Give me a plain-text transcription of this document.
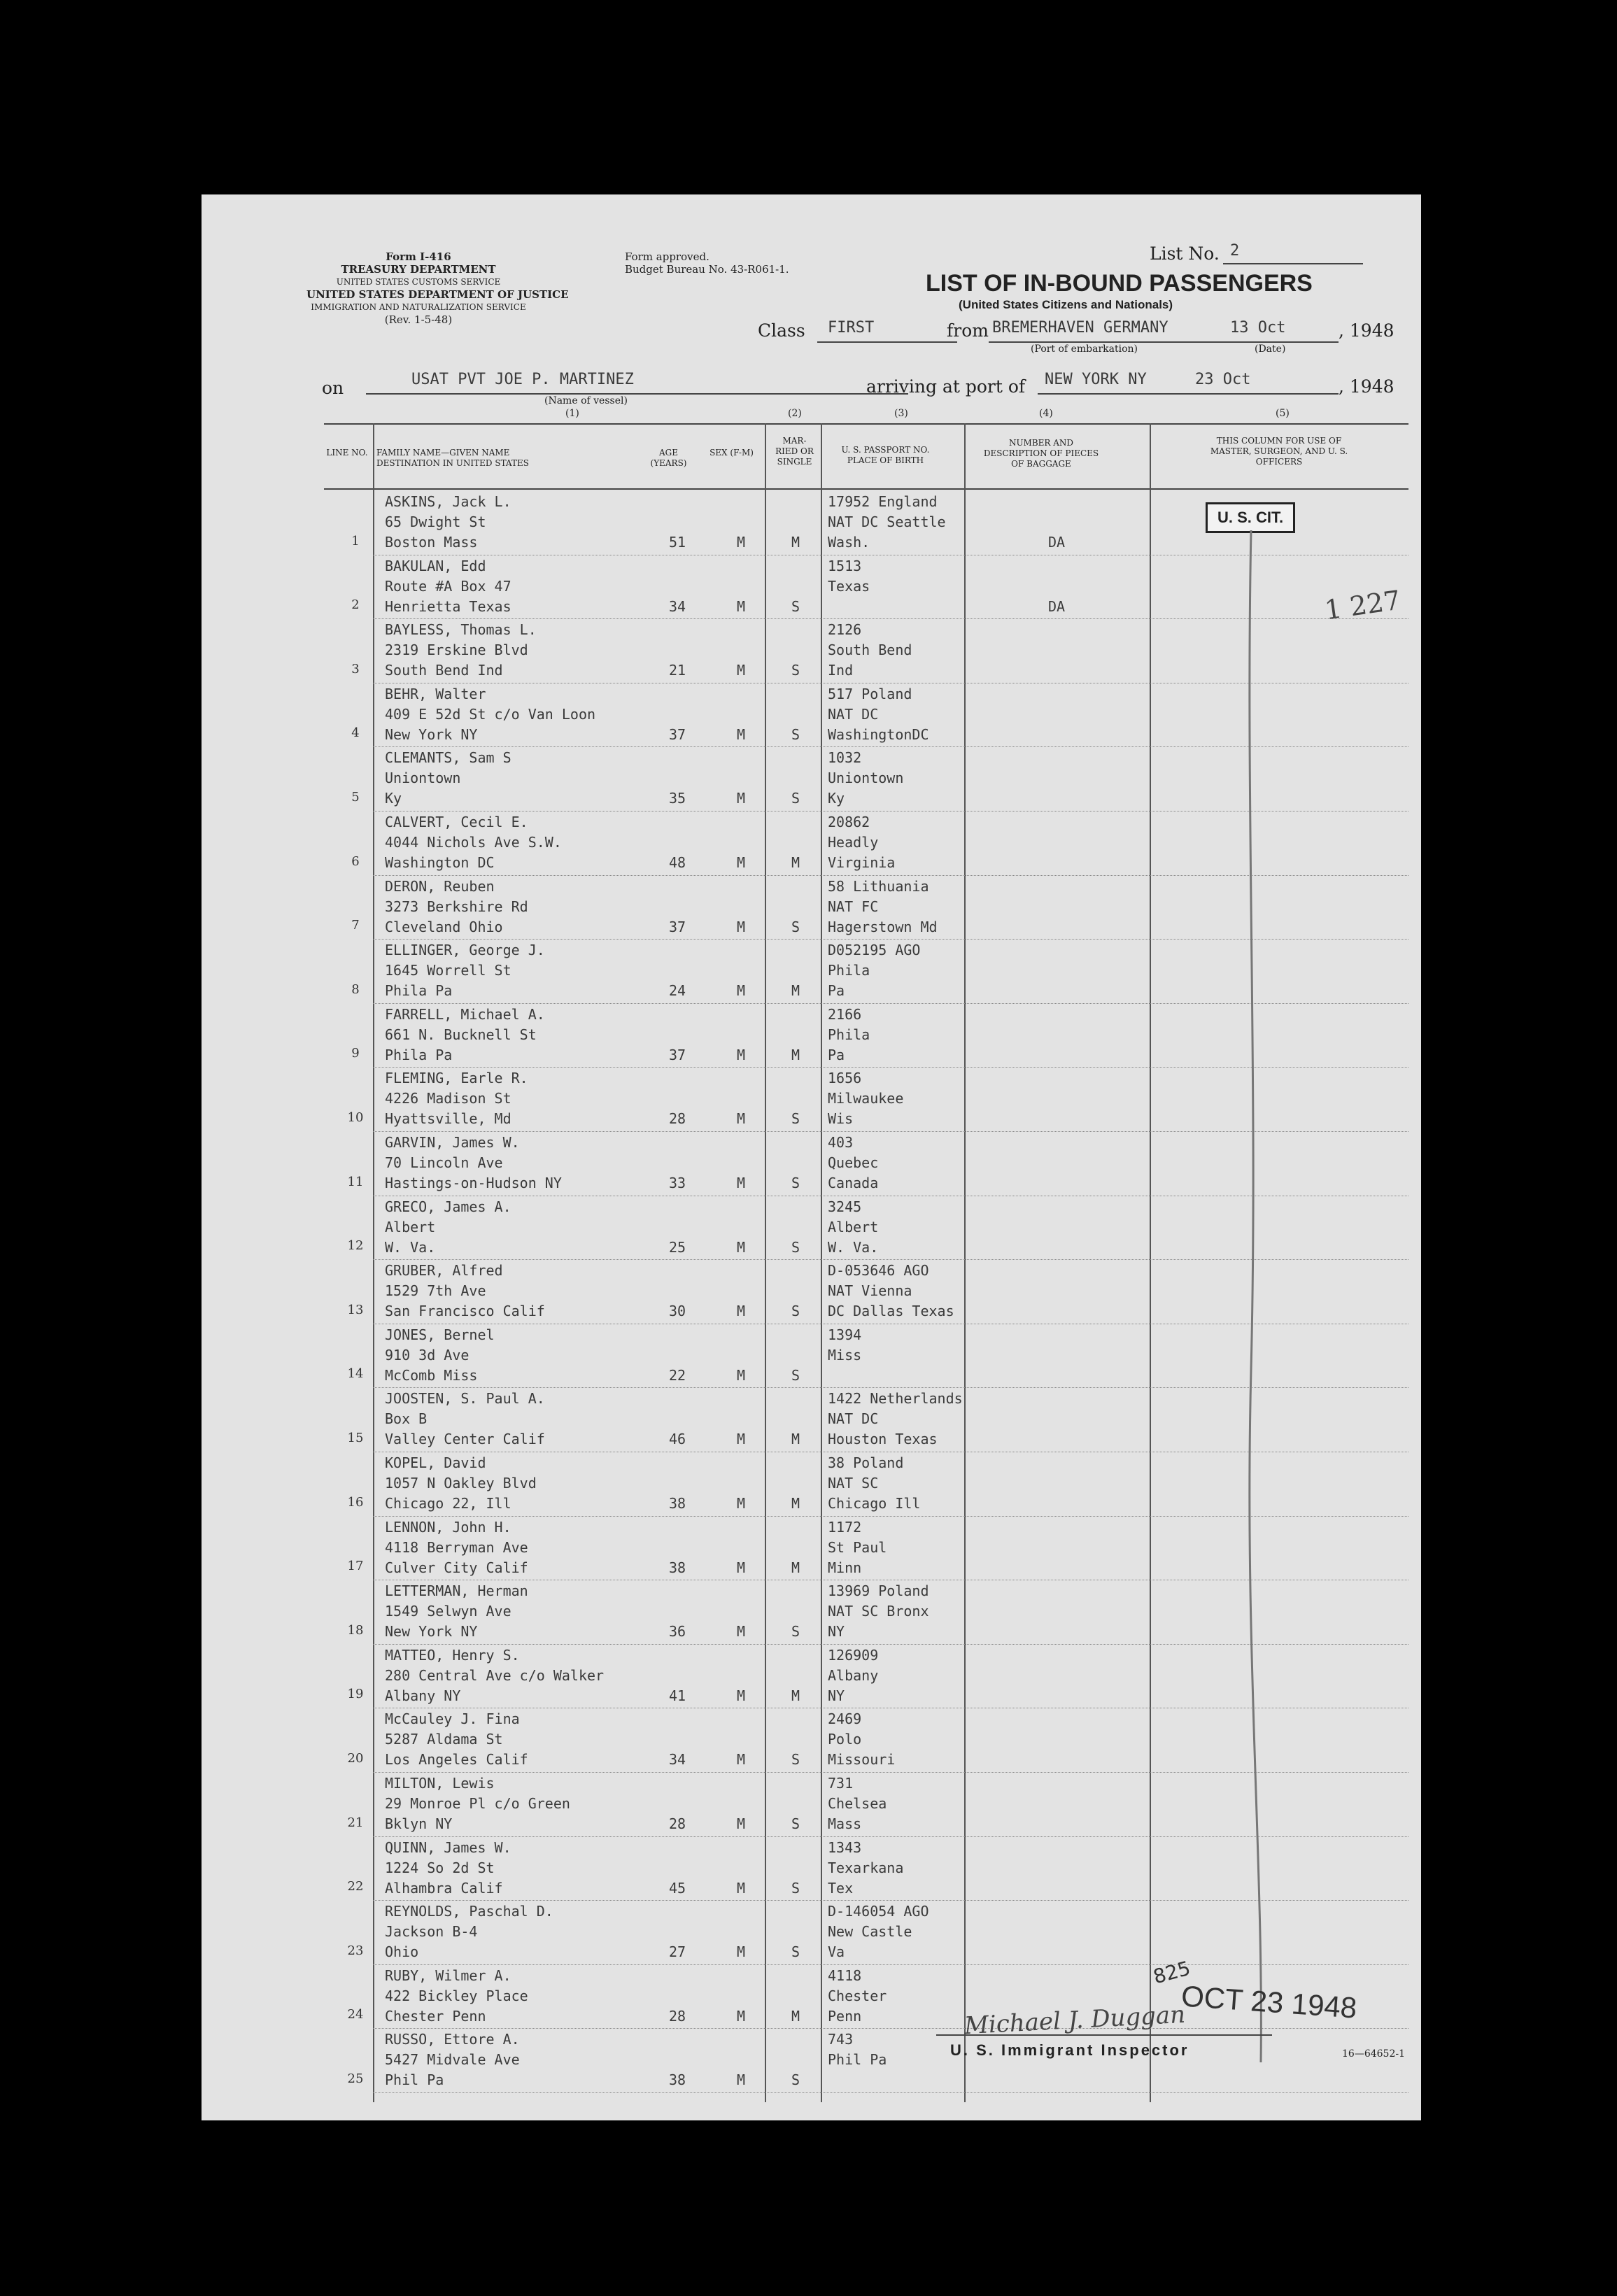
Form I-416
TREASURY DEPARTMENT
UNITED STATES CUSTOMS SERVICE
UNITED STATES DEPARTMENT OF JUSTICE
IMMIGRATION AND NATURALIZATION SERVICE
(Rev. 1-5-48)
Form approved.
Budget Bureau No. 43-R061-1.
List No. 2
LIST OF IN-BOUND PASSENGERS
(United States Citizens and Nationals)
Class FIRST	from BREMERHAVEN GERMANY	13 Oct	, 1948
(Port of embarkation)	(Date)
on	USAT PVT JOE P. MARTINEZ
(Name of vessel)
(1)
arriving at port of NEW YORK NY	23 Oct	, 1948
(2)	(3)	(4)	(5)
LINE NO. FAMILY NAME—GIVEN NAME DESTINATION IN UNITED STATES
AGE (YEARS)
SEX (F-M)
MAR-RIED OR SINGLE
U. S. PASSPORT NO. PLACE OF BIRTH
NUMBER AND DESCRIPTION OF PIECES OF BAGGAGE
THIS COLUMN FOR USE OF MASTER, SURGEON, AND U. S. OFFICERS
1
ASKINS, Jack L.
65 Dwight St
Boston Mass	51	M	M
17952 England
NAT DC Seattle
Wash.	DA
2
BAKULAN, Edd
Route #A Box 47
Henrietta Texas	34	M	S
1513
Texas
DA
3
BAYLESS, Thomas L.
2319 Erskine Blvd
South Bend Ind	21	M	S
2126
South Bend
Ind
4
BEHR, Walter
409 E 52d St c/o Van Loon
New York NY	37	M	S
517 Poland
NAT DC
WashingtonDC
5
CLEMANTS, Sam S
Uniontown
Ky	35	M	S
1032
Uniontown
Ky
6
CALVERT, Cecil E.
4044 Nichols Ave S.W.
Washington DC	48	M	M
20862
Headly
Virginia
7
DERON, Reuben
3273 Berkshire Rd
Cleveland Ohio	37	M	S
58 Lithuania
NAT FC
Hagerstown Md
8
ELLINGER, George J.
1645 Worrell St
Phila Pa	24	M	M
D052195 AGO
Phila
Pa
9
FARRELL, Michael A.
661 N. Bucknell St
Phila Pa	37	M	M
2166
Phila
Pa
10
FLEMING, Earle R.
4226 Madison St
Hyattsville, Md	28	M	S
1656
Milwaukee
Wis
11
GARVIN, James W.
70 Lincoln Ave
Hastings-on-Hudson NY	33	M	S
403
Quebec
Canada
12
GRECO, James A.
Albert
W. Va.	25	M	S
3245
Albert
W. Va.
13
GRUBER, Alfred
1529 7th Ave
San Francisco Calif	30	M	S
D-053646 AGO
NAT Vienna
DC Dallas Texas
14
JONES, Bernel
910 3d Ave
McComb Miss	22	M	S
1394
Miss
15
JOOSTEN, S. Paul A.
Box B
Valley Center Calif	46	M	M
1422 Netherlands
NAT DC
Houston Texas
16
KOPEL, David
1057 N Oakley Blvd
Chicago 22, Ill	38	M	M
38 Poland
NAT SC
Chicago Ill
17
LENNON, John H.
4118 Berryman Ave
Culver City Calif	38	M	M
1172
St Paul
Minn
18
LETTERMAN, Herman
1549 Selwyn Ave
New York NY	36	M	S
13969 Poland
NAT SC Bronx
NY
19
MATTEO, Henry S.
280 Central Ave c/o Walker
Albany NY	41	M	M
126909
Albany
NY
20
McCauley J. Fina
5287 Aldama St
Los Angeles Calif	34	M	S
2469
Polo
Missouri
21
MILTON, Lewis
29 Monroe Pl c/o Green
Bklyn NY	28	M	S
731
Chelsea
Mass
22
QUINN, James W.
1224 So 2d St
Alhambra Calif	45	M	S
1343
Texarkana
Tex
23
REYNOLDS, Paschal D.
Jackson B-4
Ohio	27	M	S
D-146054 AGO
New Castle
Va
24
RUBY, Wilmer A.
422 Bickley Place
Chester Penn	28	M	M
4118
Chester
Penn
25
RUSSO, Ettore A.
5427 Midvale Ave
Phil Pa	38	M	S
743
Phil Pa
U. S. CIT.
1 227
825
OCT 23 1948
Michael J. Duggan
U. S. Immigrant Inspector	16—64652-1
